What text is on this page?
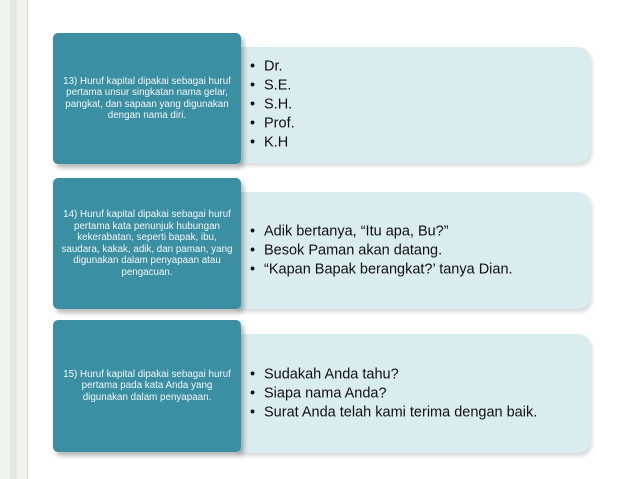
• Dr.
• S.E.
• S.H.
• Prof.
• K.H
13) Huruf kapital dipakai sebagai huruf pertama unsur singkatan nama gelar, pangkat, dan sapaan yang digunakan dengan nama diri.
• Adik bertanya, “Itu apa, Bu?”
• Besok Paman akan datang.
• “Kapan Bapak berangkat?’ tanya Dian.
14) Huruf kapital dipakai sebagai huruf pertama kata penunjuk hubungan kekerabatan, seperti bapak, ibu, saudara, kakak, adik, dan paman, yang digunakan dalam penyapaan atau pengacuan.
• Sudakah Anda tahu?
• Siapa nama Anda?
• Surat Anda telah kami terima dengan baik.
15) Huruf kapital dipakai sebagai huruf pertama pada kata Anda yang digunakan dalam penyapaan.
